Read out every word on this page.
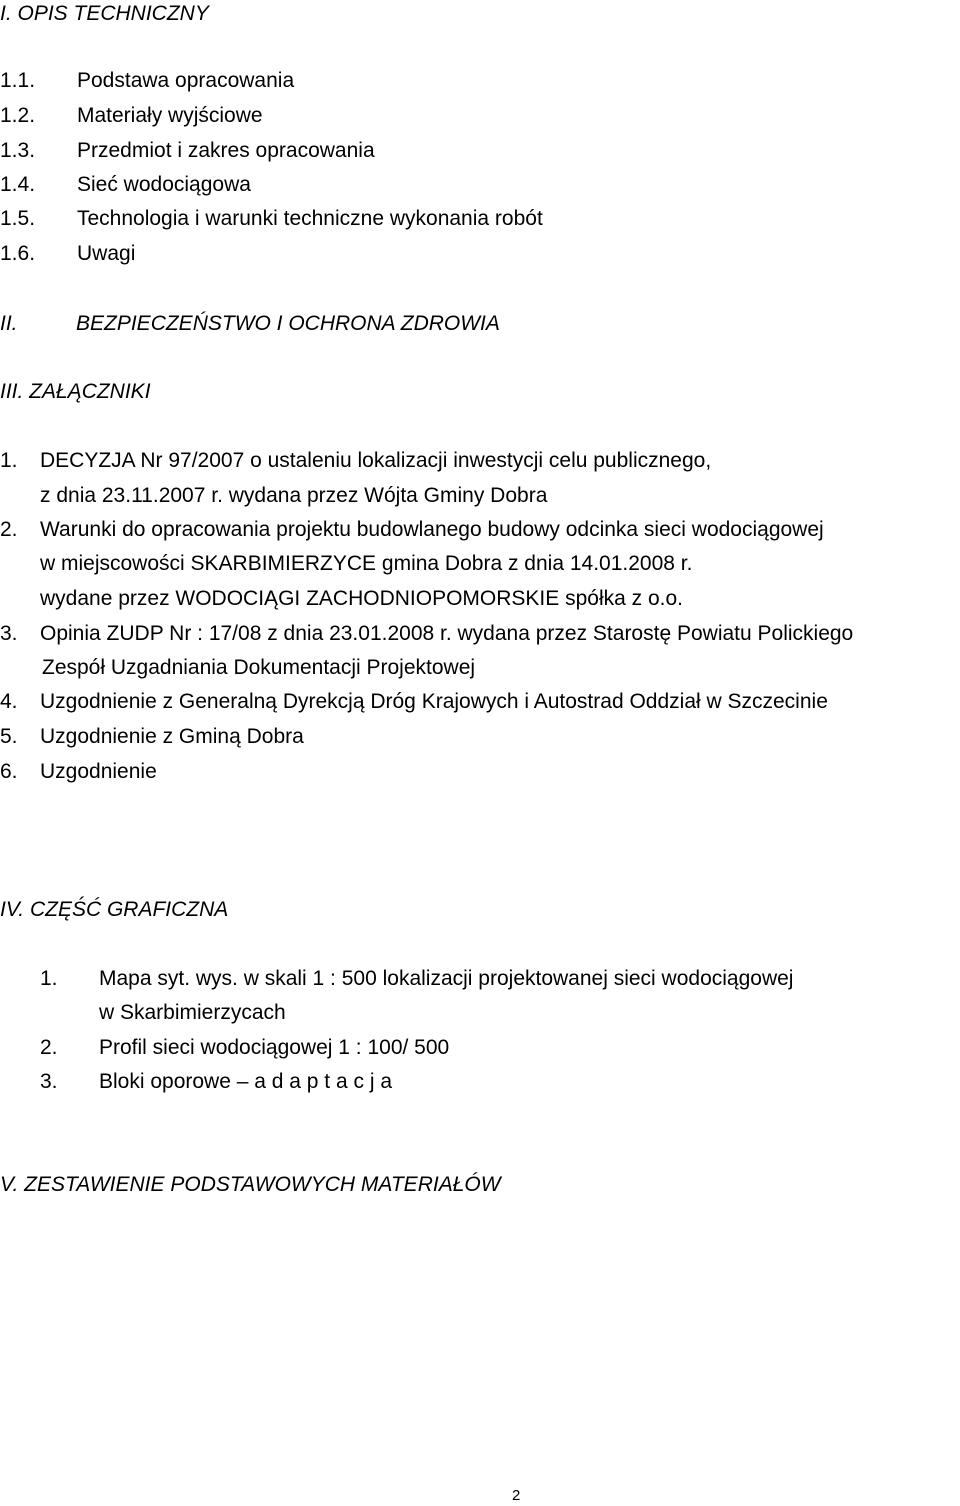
I. OPIS TECHNICZNY
1.1. Podstawa opracowania
1.2. Materiały wyjściowe
1.3. Przedmiot i zakres opracowania
1.4. Sieć wodociągowa
1.5. Technologia i warunki techniczne wykonania robót
1.6. Uwagi
II.	BEZPIECZEŃSTWO I OCHRONA ZDROWIA
III. ZAŁĄCZNIKI
1. DECYZJA Nr 97/2007 o ustaleniu lokalizacji inwestycji celu publicznego,
z dnia 23.11.2007 r. wydana przez Wójta Gminy Dobra
2. Warunki do opracowania projektu budowlanego budowy odcinka sieci wodociągowej
w miejscowości SKARBIMIERZYCE gmina Dobra z dnia 14.01.2008 r.
wydane przez WODOCIĄGI ZACHODNIOPOMORSKIE spółka z o.o.
3. Opinia ZUDP Nr : 17/08 z dnia 23.01.2008 r. wydana przez Starostę Powiatu Polickiego
Zespół Uzgadniania Dokumentacji Projektowej
4. Uzgodnienie z Generalną Dyrekcją Dróg Krajowych i Autostrad Oddział w Szczecinie
5. Uzgodnienie z Gminą Dobra
6. Uzgodnienie
IV. CZĘŚĆ GRAFICZNA
1. Mapa syt. wys. w skali 1 : 500 lokalizacji projektowanej sieci wodociągowej
w Skarbimierzycach
2. Profil sieci wodociągowej 1 : 100/ 500
3. Bloki oporowe – a d a p t a c j a
V. ZESTAWIENIE PODSTAWOWYCH MATERIAŁÓW
2
